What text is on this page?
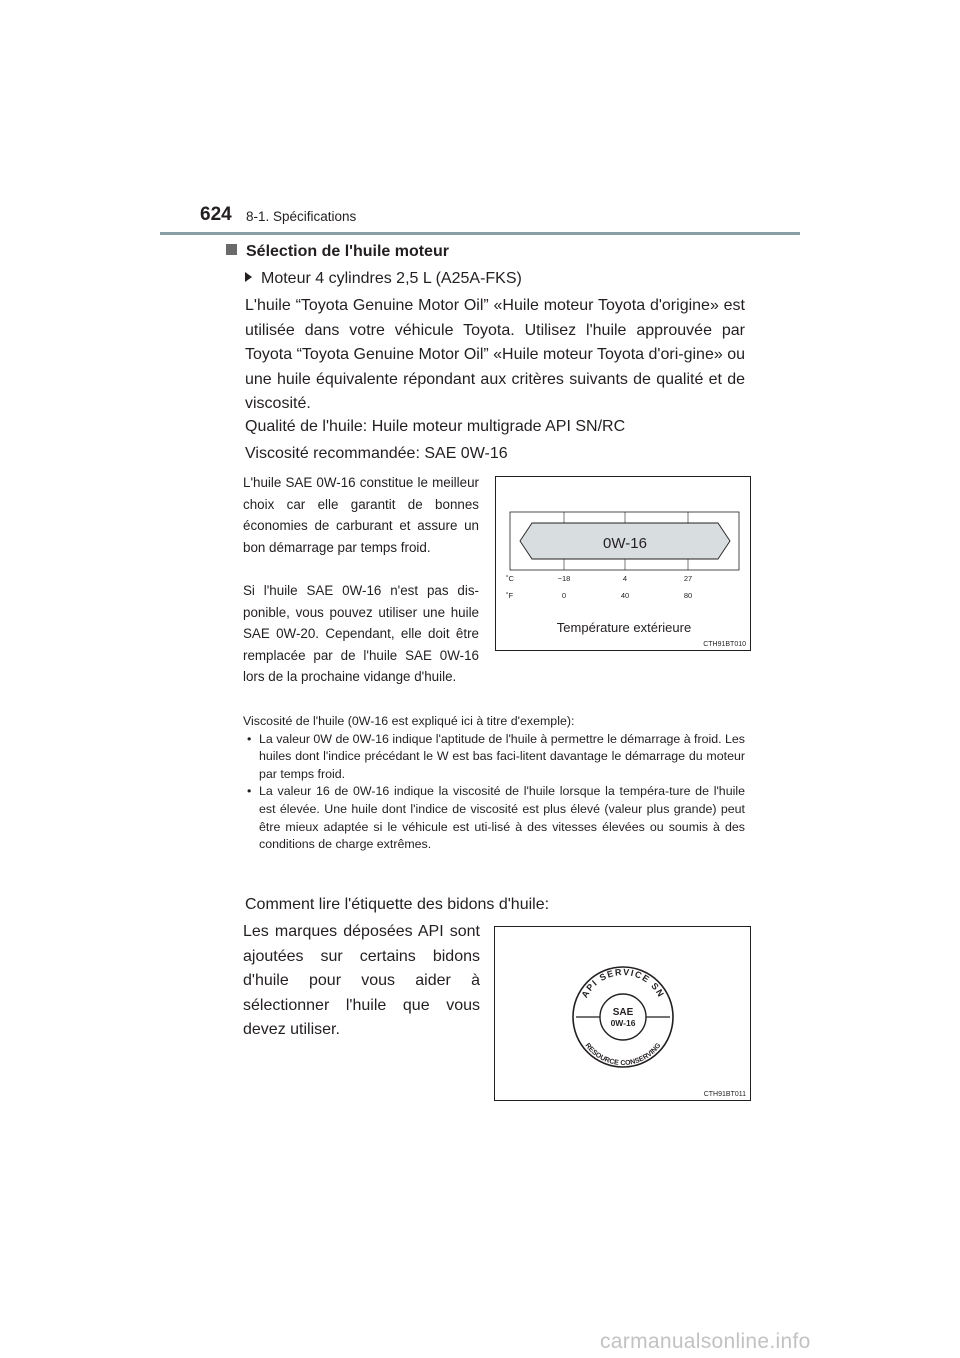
624 8-1. Spécifications
Sélection de l'huile moteur
Moteur 4 cylindres 2,5 L (A25A-FKS)
L'huile “Toyota Genuine Motor Oil” «Huile moteur Toyota d'origine» est utilisée dans votre véhicule Toyota. Utilisez l'huile approuvée par Toyota “Toyota Genuine Motor Oil” «Huile moteur Toyota d'ori-gine» ou une huile équivalente répondant aux critères suivants de qualité et de viscosité.
Qualité de l'huile: Huile moteur multigrade API SN/RC
Viscosité recommandée: SAE 0W-16
L'huile SAE 0W-16 constitue le meilleur choix car elle garantit de bonnes économies de carburant et assure un bon démarrage par temps froid.
Si l'huile SAE 0W-16 n'est pas dis-ponible, vous pouvez utiliser une huile SAE 0W-20. Cependant, elle doit être remplacée par de l'huile SAE 0W-16 lors de la prochaine vidange d'huile.
0W-16
˚C
˚F
−18	4	27
0	40	80
Température extérieure
CTH91BT010
Viscosité de l'huile (0W-16 est expliqué ici à titre d'exemple):
• La valeur 0W de 0W-16 indique l'aptitude de l'huile à permettre le démarrage à froid. Les huiles dont l'indice précédant le W est bas faci-litent davantage le démarrage du moteur par temps froid.
• La valeur 16 de 0W-16 indique la viscosité de l'huile lorsque la tempéra-ture de l'huile est élevée. Une huile dont l'indice de viscosité est plus élevé (valeur plus grande) peut être mieux adaptée si le véhicule est uti-lisé à des vitesses élevées ou soumis à des conditions de charge extrêmes.
Comment lire l'étiquette des bidons d'huile:
Les marques déposées API sont ajoutées sur certains bidons d'huile pour vous aider à sélectionner l'huile que vous devez utiliser.
API SERVICE SN
RESOURCE CONSERVING
SAE
0W-16
CTH91BT011
carmanualsonline.info
